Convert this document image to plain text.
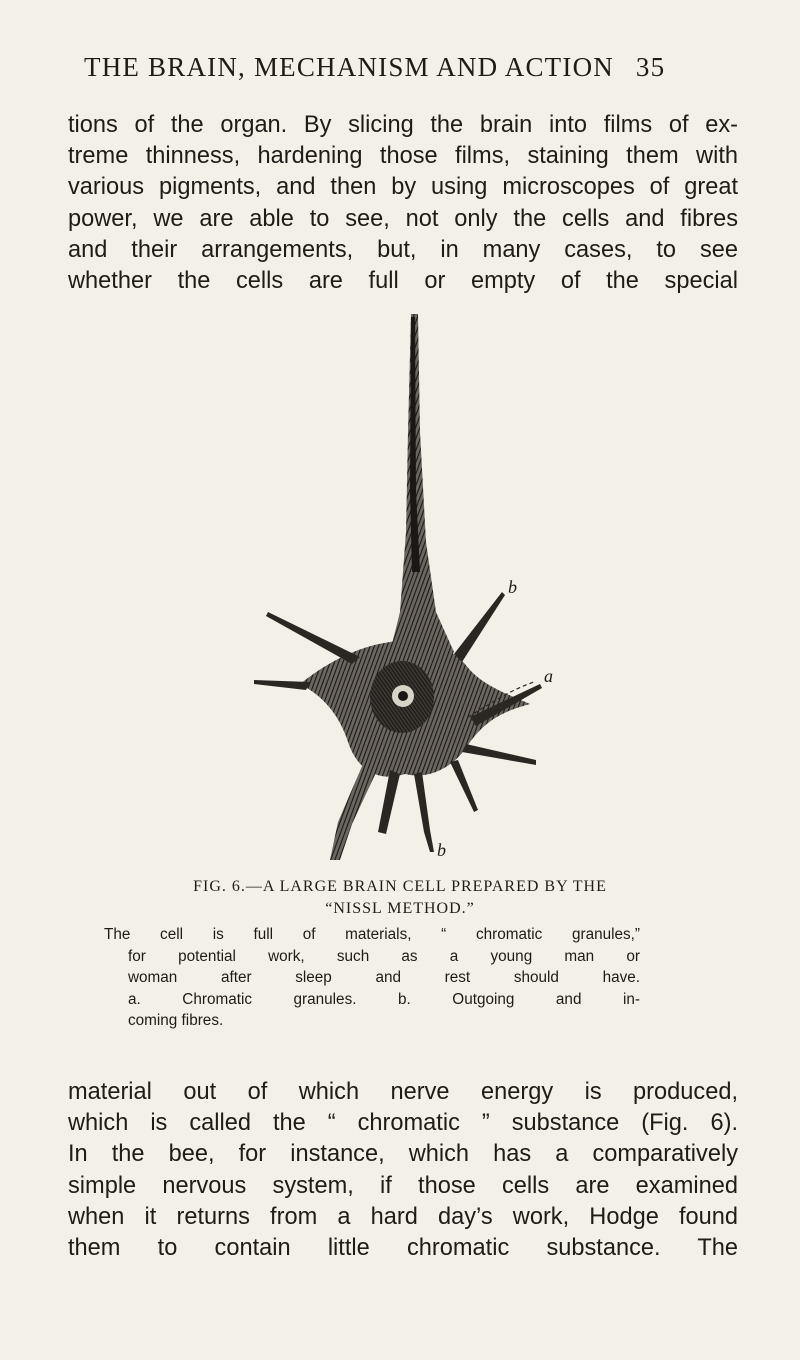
THE BRAIN, MECHANISM AND ACTION 35
tions of the organ. By slicing the brain into films of ex-
treme thinness, hardening those films, staining them with
various pigments, and then by using microscopes of great
power, we are able to see, not only the cells and fibres
and their arrangements, but, in many cases, to see
whether the cells are full or empty of the special
b
a
b
FIG. 6.—A LARGE BRAIN CELL PREPARED BY THE
“NISSL METHOD.”
The cell is full of materials, “ chromatic granules,”
for potential work, such as a young man or
woman after sleep and rest should have.
a. Chromatic granules. b. Outgoing and in-
coming fibres.
material out of which nerve energy is produced,
which is called the “ chromatic ” substance (Fig. 6).
In the bee, for instance, which has a comparatively
simple nervous system, if those cells are examined
when it returns from a hard day’s work, Hodge found
them to contain little chromatic substance. The
